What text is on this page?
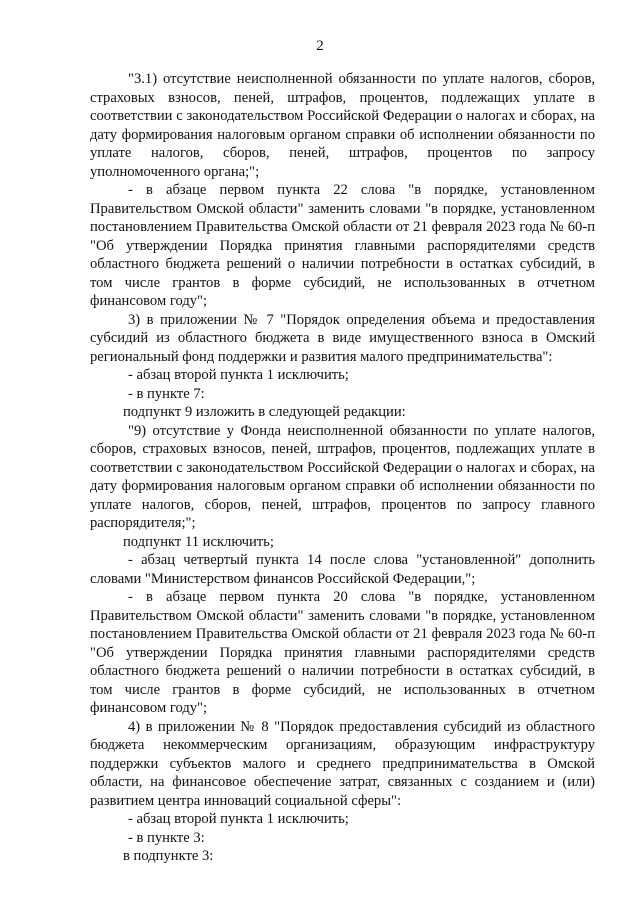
2

"3.1) отсутствие неисполненной обязанности по уплате налогов, сборов, страховых взносов, пеней, штрафов, процентов, подлежащих уплате в соответствии с законодательством Российской Федерации о налогах и сборах, на дату формирования налоговым органом справки об исполнении обязанности по уплате налогов, сборов, пеней, штрафов, процентов по запросу уполномоченного органа;";

- в абзаце первом пункта 22 слова "в порядке, установленном Правительством Омской области" заменить словами "в порядке, установленном постановлением Правительства Омской области от 21 февраля 2023 года № 60-п "Об утверждении Порядка принятия главными распорядителями средств областного бюджета решений о наличии потребности в остатках субсидий, в том числе грантов в форме субсидий, не использованных в отчетном финансовом году";

3) в приложении № 7 "Порядок определения объема и предоставления субсидий из областного бюджета в виде имущественного взноса в Омский региональный фонд поддержки и развития малого предпринимательства":

- абзац второй пункта 1 исключить;

- в пункте 7:

подпункт 9 изложить в следующей редакции:

"9) отсутствие у Фонда неисполненной обязанности по уплате налогов, сборов, страховых взносов, пеней, штрафов, процентов, подлежащих уплате в соответствии с законодательством Российской Федерации о налогах и сборах, на дату формирования налоговым органом справки об исполнении обязанности по уплате налогов, сборов, пеней, штрафов, процентов по запросу главного распорядителя;";

подпункт 11 исключить;

- абзац четвертый пункта 14 после слова "установленной" дополнить словами "Министерством финансов Российской Федерации,";

- в абзаце первом пункта 20 слова "в порядке, установленном Правительством Омской области" заменить словами "в порядке, установленном постановлением Правительства Омской области от 21 февраля 2023 года № 60-п "Об утверждении Порядка принятия главными распорядителями средств областного бюджета решений о наличии потребности в остатках субсидий, в том числе грантов в форме субсидий, не использованных в отчетном финансовом году";

4) в приложении № 8 "Порядок предоставления субсидий из областного бюджета некоммерческим организациям, образующим инфраструктуру поддержки субъектов малого и среднего предпринимательства в Омской области, на финансовое обеспечение затрат, связанных с созданием и (или) развитием центра инноваций социальной сферы":

- абзац второй пункта 1 исключить;

- в пункте 3:

в подпункте 3:
